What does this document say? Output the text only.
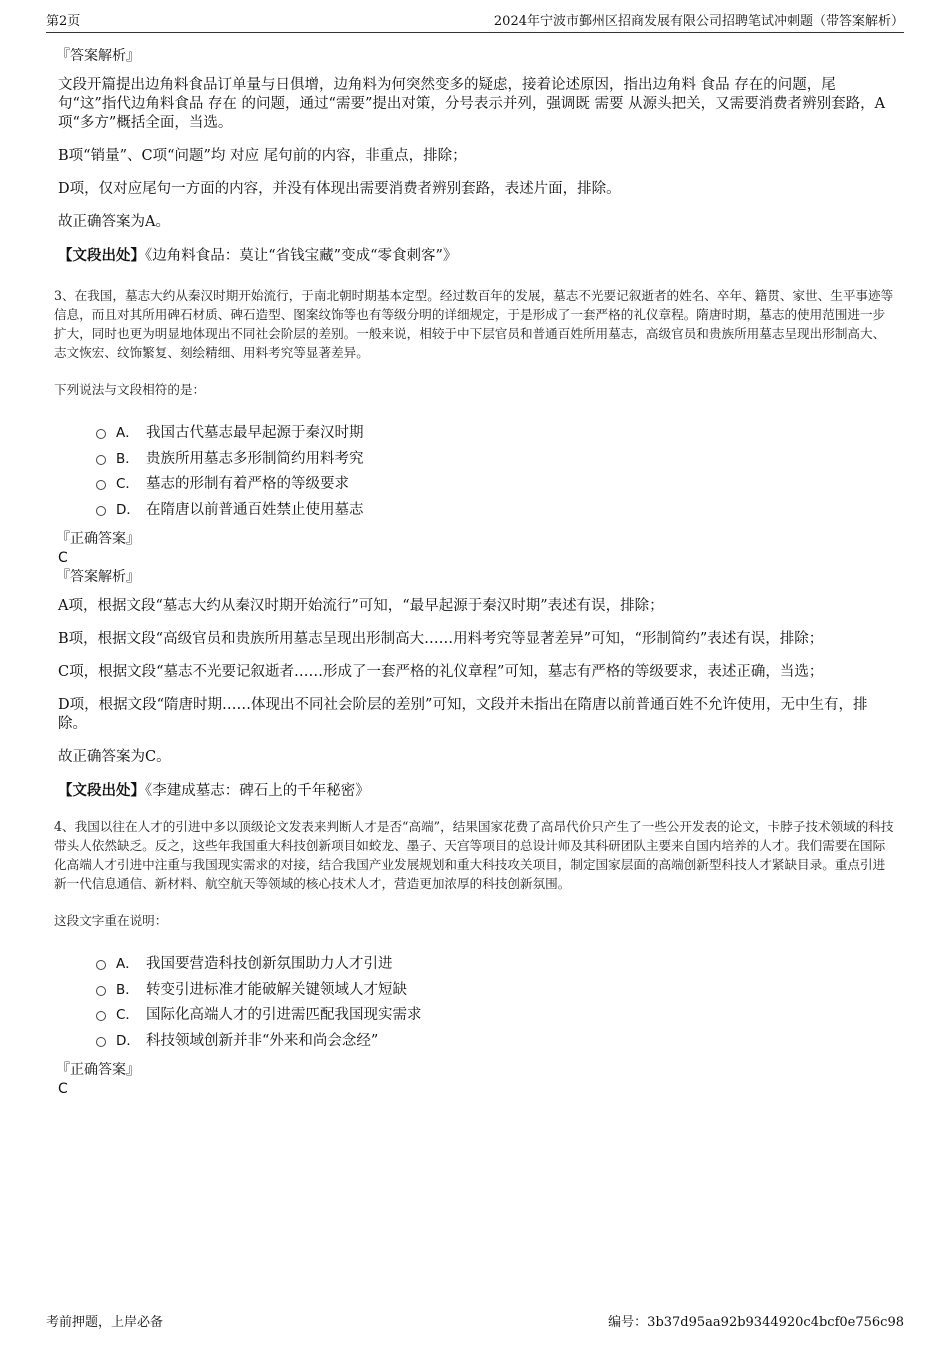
第2页	2024年宁波市鄞州区招商发展有限公司招聘笔试冲刺题（带答案解析）
『答案解析』

文段开篇提出边角料食品订单量与日俱增，边角料为何突然变多的疑虑，接着论述原因，指出边角料 食品 存在的问题，尾句“这”指代边角料食品 存在 的问题，通过“需要”提出对策，分号表示并列，强调既 需要 从源头把关，又需要消费者辨别套路，A项“多方”概括全面，当选。

B项“销量”、C项“问题”均 对应 尾句前的内容，非重点，排除；

D项，仅对应尾句一方面的内容，并没有体现出需要消费者辨别套路，表述片面，排除。

故正确答案为A。

【文段出处】《边角料食品：莫让“省钱宝藏”变成“零食刺客”》

3、在我国，墓志大约从秦汉时期开始流行，于南北朝时期基本定型。经过数百年的发展，墓志不光要记叙逝者的姓名、卒年、籍贯、家世、生平事迹等信息，而且对其所用碑石材质、碑石造型、图案纹饰等也有等级分明的详细规定，于是形成了一套严格的礼仪章程。隋唐时期，墓志的使用范围进一步扩大，同时也更为明显地体现出不同社会阶层的差别。一般来说，相较于中下层官员和普通百姓所用墓志，高级官员和贵族所用墓志呈现出形制高大、志文恢宏、纹饰繁复、刻绘精细、用料考究等显著差异。

下列说法与文段相符的是：

A． 我国古代墓志最早起源于秦汉时期
B． 贵族所用墓志多形制简约用料考究
C． 墓志的形制有着严格的等级要求
D． 在隋唐以前普通百姓禁止使用墓志
『正确答案』

C

『答案解析』

A项，根据文段“墓志大约从秦汉时期开始流行”可知，“最早起源于秦汉时期”表述有误，排除；

B项，根据文段“高级官员和贵族所用墓志呈现出形制高大……用料考究等显著差异”可知，“形制简约”表述有误，排除；

C项，根据文段“墓志不光要记叙逝者……形成了一套严格的礼仪章程”可知，墓志有严格的等级要求，表述正确，当选；

D项，根据文段“隋唐时期……体现出不同社会阶层的差别”可知，文段并未指出在隋唐以前普通百姓不允许使用，无中生有，排除。

故正确答案为C。

【文段出处】《李建成墓志：碑石上的千年秘密》

4、我国以往在人才的引进中多以顶级论文发表来判断人才是否“高端”，结果国家花费了高昂代价只产生了一些公开发表的论文，卡脖子技术领域的科技带头人依然缺乏。反之，这些年我国重大科技创新项目如蛟龙、墨子、天宫等项目的总设计师及其科研团队主要来自国内培养的人才。我们需要在国际化高端人才引进中注重与我国现实需求的对接，结合我国产业发展规划和重大科技攻关项目，制定国家层面的高端创新型科技人才紧缺目录。重点引进新一代信息通信、新材料、航空航天等领域的核心技术人才，营造更加浓厚的科技创新氛围。

这段文字重在说明：

A． 我国要营造科技创新氛围助力人才引进
B． 转变引进标准才能破解关键领域人才短缺
C． 国际化高端人才的引进需匹配我国现实需求
D． 科技领域创新并非“外来和尚会念经”
『正确答案』

C

考前押题，上岸必备	编号：3b37d95aa92b9344920c4bcf0e756c98
